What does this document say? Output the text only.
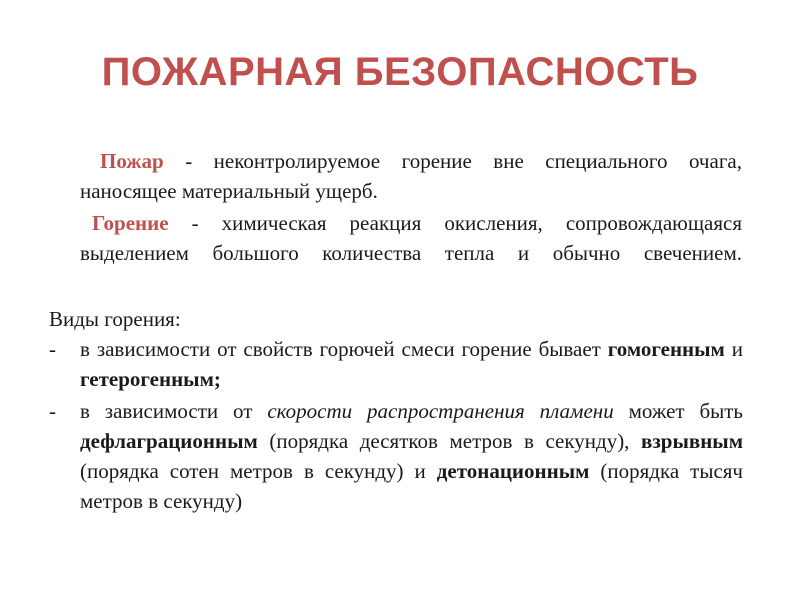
ПОЖАРНАЯ БЕЗОПАСНОСТЬ

Пожар - неконтролируемое горение вне специального очага, наносящее материальный ущерб.

Горение - химическая реакция окисления, сопровождающаяся выделением большого количества тепла и обычно свечением.

Виды горения:

-	в зависимости от свойств горючей смеси горение бывает гомогенным и гетерогенным;
-	в зависимости от скорости распространения пламени может быть дефлаграционным (порядка десятков метров в секунду), взрывным (порядка сотен метров в секунду) и детонационным (порядка тысяч метров в секунду)
